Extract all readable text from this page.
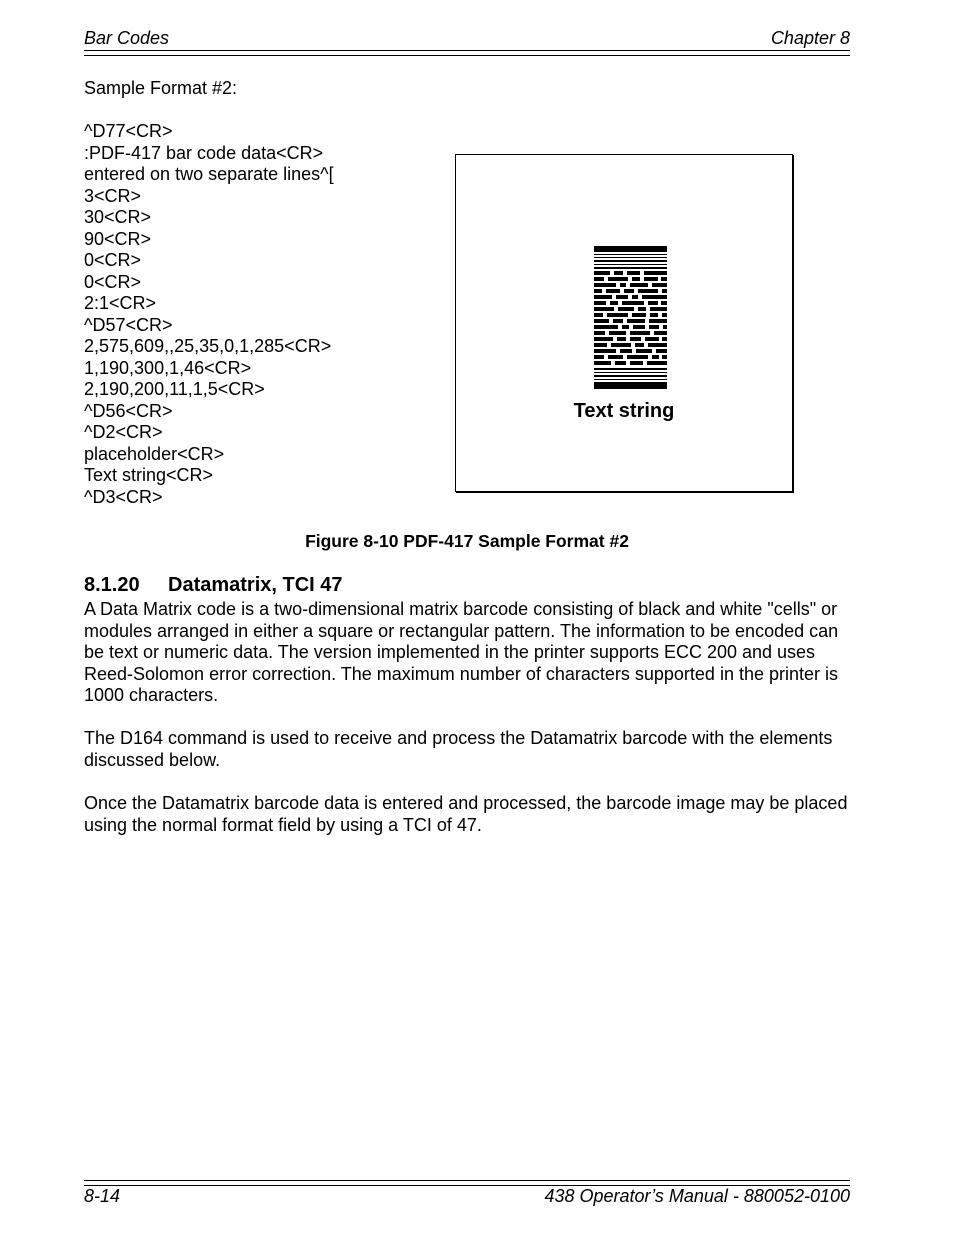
Bar Codes	Chapter 8
Sample Format #2:
^D77<CR>
:PDF-417 bar code data<CR>
entered on two separate lines^[
3<CR>
30<CR>
90<CR>
0<CR>
0<CR>
2:1<CR>
^D57<CR>
2,575,609,,25,35,0,1,285<CR>
1,190,300,1,46<CR>
2,190,200,11,1,5<CR>
^D56<CR>
^D2<CR>
placeholder<CR>
Text string<CR>
^D3<CR>
Text string
Figure 8-10 PDF-417 Sample Format #2
8.1.20 Datamatrix, TCI 47
A Data Matrix code is a two-dimensional matrix barcode consisting of black and white "cells" or modules arranged in either a square or rectangular pattern. The information to be encoded can be text or numeric data. The version implemented in the printer supports ECC 200 and uses Reed-Solomon error correction. The maximum number of characters supported in the printer is 1000 characters.
The D164 command is used to receive and process the Datamatrix barcode with the elements discussed below.
Once the Datamatrix barcode data is entered and processed, the barcode image may be placed using the normal format field by using a TCI of 47.
8-14	438 Operator’s Manual - 880052-0100
